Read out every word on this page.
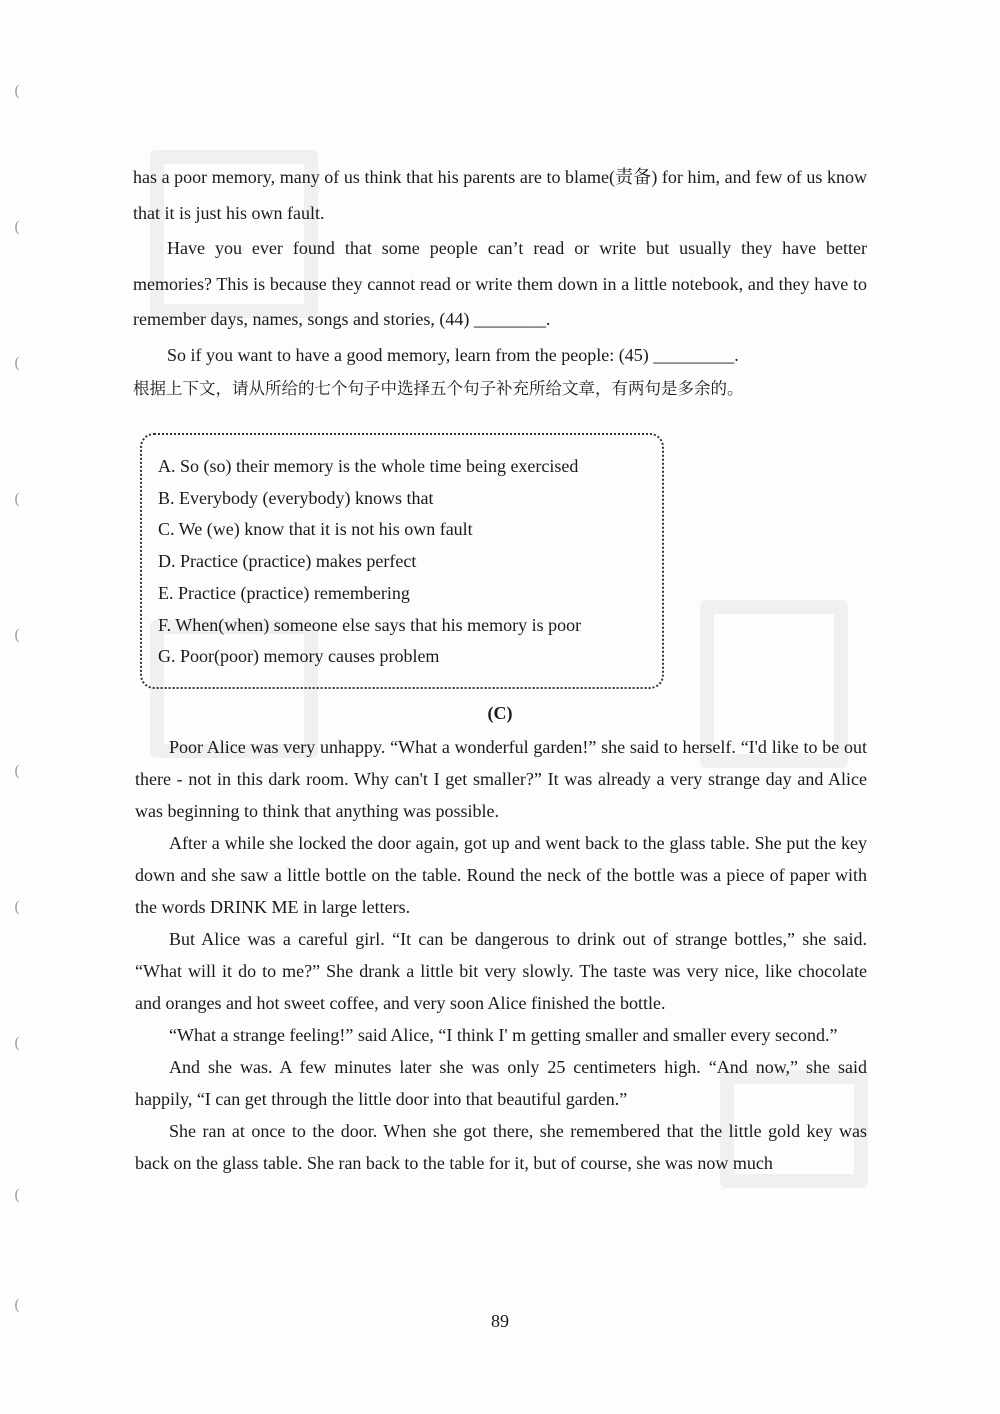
(
(
(
(
(
(
(
(
(
(

has a poor memory, many of us think that his parents are to blame(责备) for him, and few of us know that it is just his own fault.

Have you ever found that some people can’t read or write but usually they have better memories? This is because they cannot read or write them down in a little notebook, and they have to remember days, names, songs and stories, (44) ________.

So if you want to have a good memory, learn from the people: (45) _________.

根据上下文，请从所给的七个句子中选择五个句子补充所给文章，有两句是多余的。

A. So (so) their memory is the whole time being exercised
B. Everybody (everybody) knows that
C. We (we) know that it is not his own fault
D. Practice (practice) makes perfect
E. Practice (practice) remembering
F. When(when) someone else says that his memory is poor
G. Poor(poor) memory causes problem
(C)

Poor Alice was very unhappy. “What a wonderful garden!” she said to herself. “I'd like to be out there - not in this dark room. Why can't I get smaller?” It was already a very strange day and Alice was beginning to think that anything was possible.

After a while she locked the door again, got up and went back to the glass table. She put the key down and she saw a little bottle on the table. Round the neck of the bottle was a piece of paper with the words DRINK ME in large letters.

But Alice was a careful girl. “It can be dangerous to drink out of strange bottles,” she said. “What will it do to me?” She drank a little bit very slowly. The taste was very nice, like chocolate and oranges and hot sweet coffee, and very soon Alice finished the bottle.

“What a strange feeling!” said Alice, “I think I' m getting smaller and smaller every second.”

And she was. A few minutes later she was only 25 centimeters high. “And now,” she said happily, “I can get through the little door into that beautiful garden.”

She ran at once to the door. When she got there, she remembered that the little gold key was back on the glass table. She ran back to the table for it, but of course, she was now much

89
